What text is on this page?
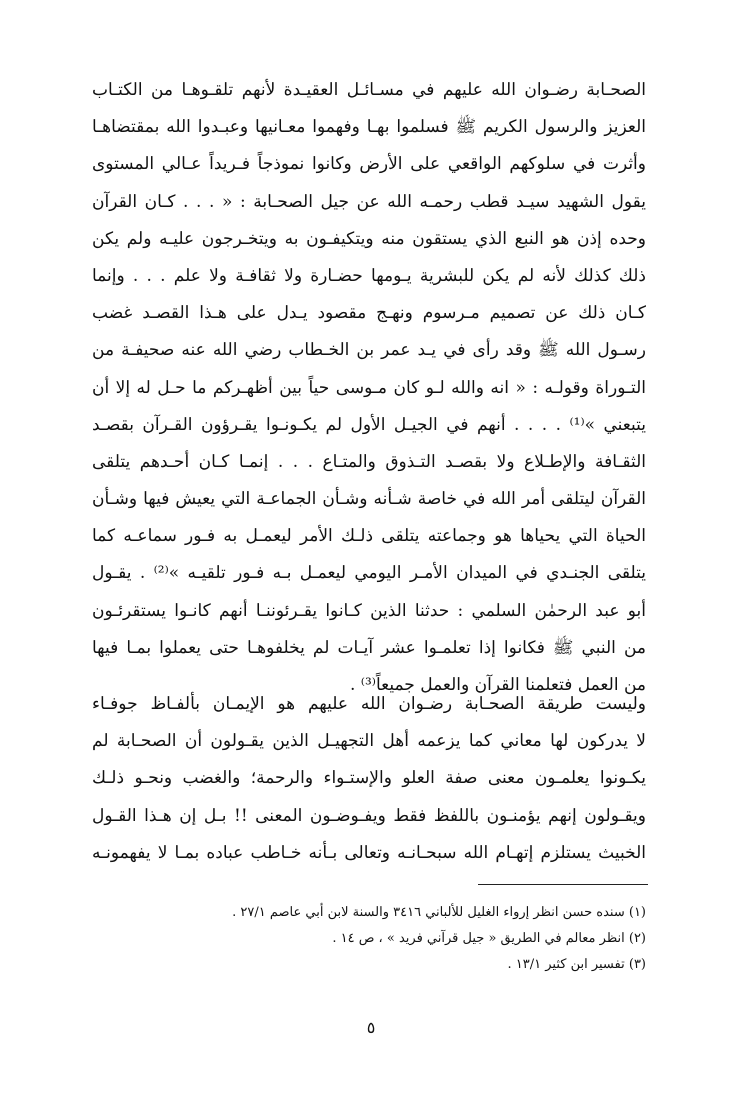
الصحـابة رضـوان الله عليهم في مسـائـل العقيـدة لأنهم تلقـوهـا من الكتـاب
العزيز والرسول الكريم ﷺ فسلموا بهـا وفهموا معـانيها وعبـدوا الله بمقتضاهـا
وأثرت في سلوكهم الواقعي على الأرض وكانوا نموذجاً فـريداً عـالي المستوى
يقول الشهيد سيـد قطب رحمـه الله عن جيل الصحـابة : « . . . كـان القرآن
وحده إذن هو النبع الذي يستقون منه ويتكيفـون به ويتخـرجون عليـه ولم يكن
ذلك كذلك لأنه لم يكن للبشرية يـومها حضـارة ولا ثقافـة ولا علم . . . وإنما
كـان ذلك عن تصميم مـرسوم ونهـج مقصود يـدل على هـذا القصـد غضب
رسـول الله ﷺ وقد رأى في يـد عمر بن الخـطاب رضي الله عنه صحيفـة من
التـوراة وقولـه : « انه والله لـو كان مـوسى حياً بين أظهـركم ما حـل له إلا أن
يتبعني »⁽¹⁾ . . . . أنهم في الجيـل الأول لم يكـونـوا يقـرؤون القـرآن بقصـد
الثقـافة والإطـلاع ولا بقصـد التـذوق والمتـاع . . . إنمـا كـان أحـدهم يتلقى
القرآن ليتلقى أمر الله في خاصة شـأنه وشـأن الجماعـة التي يعيش فيها وشـأن
الحياة التي يحياها هو وجماعته يتلقى ذلـك الأمر ليعمـل به فـور سماعـه كما
يتلقى الجنـدي في الميدان الأمـر اليومي ليعمـل بـه فـور تلقيـه »⁽²⁾ . يقـول
أبو عبد الرحمٰن السلمي : حدثنا الذين كـانوا يقـرئوننـا أنهم كانـوا يستقرئـون
من النبي ﷺ فكانوا إذا تعلمـوا عشر آيـات لم يخلفوهـا حتى يعملوا بمـا فيها
من العمل فتعلمنا القرآن والعمل جميعاً⁽³⁾ .
وليست طريقة الصحـابة رضـوان الله عليهم هو الإيمـان بألفـاظ جوفـاء
لا يدركون لها معاني كما يزعمه أهل التجهيـل الذين يقـولون أن الصحـابة لم
يكـونوا يعلمـون معنى صفة العلو والإستـواء والرحمة؛ والغضب ونحـو ذلـك
ويقـولون إنهم يؤمنـون باللفظ فقط ويفـوضـون المعنى !! بـل إن هـذا القـول
الخبيث يستلزم إتهـام الله سبحـانـه وتعالى بـأنه خـاطب عباده بمـا لا يفهمونـه
(١) سنده حسن انظر إرواء الغليل للألباني ٣٤١٦ والسنة لابن أبي عاصم ٢٧/١ .
(٢) انظر معالم في الطريق « جيل قرآني فريد » ، ص ١٤ .
(٣) تفسير ابن كثير ١٣/١ .
٥
